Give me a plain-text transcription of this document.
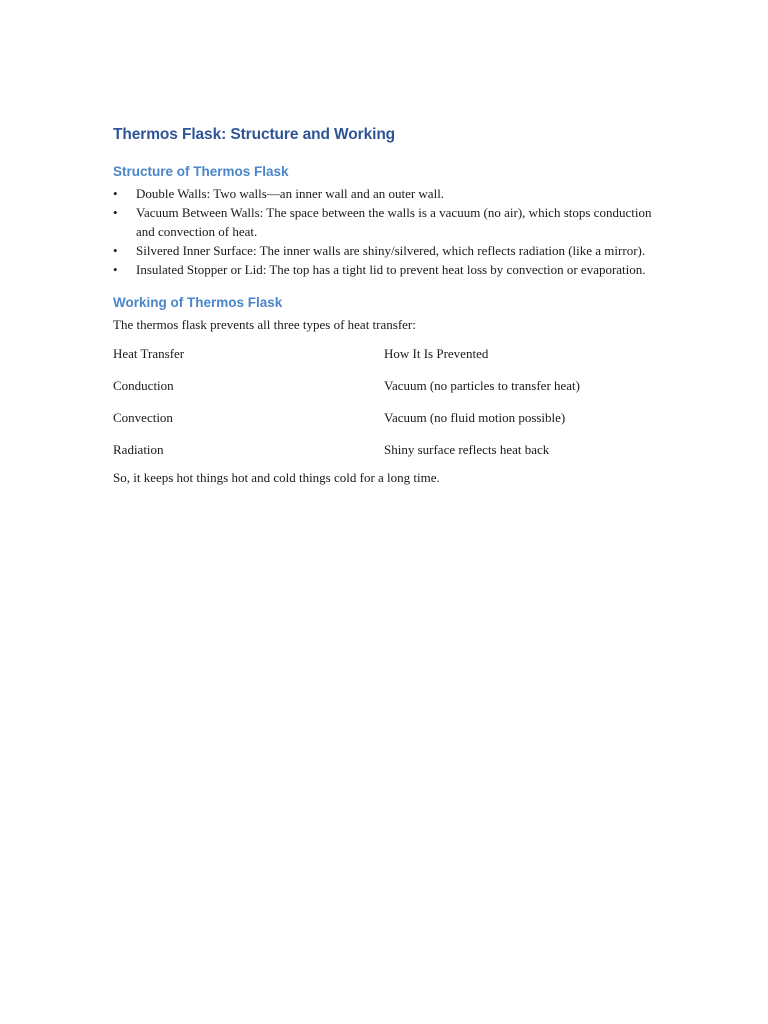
Thermos Flask: Structure and Working
Structure of Thermos Flask
•	Double Walls: Two walls—an inner wall and an outer wall.
•	Vacuum Between Walls: The space between the walls is a vacuum (no air), which stops conduction and convection of heat.
•	Silvered Inner Surface: The inner walls are shiny/silvered, which reflects radiation (like a mirror).
•	Insulated Stopper or Lid: The top has a tight lid to prevent heat loss by convection or evaporation.
Working of Thermos Flask

The thermos flask prevents all three types of heat transfer:

Heat Transfer	How It Is Prevented
Conduction	Vacuum (no particles to transfer heat)
Convection	Vacuum (no fluid motion possible)
Radiation	Shiny surface reflects heat back

So, it keeps hot things hot and cold things cold for a long time.
